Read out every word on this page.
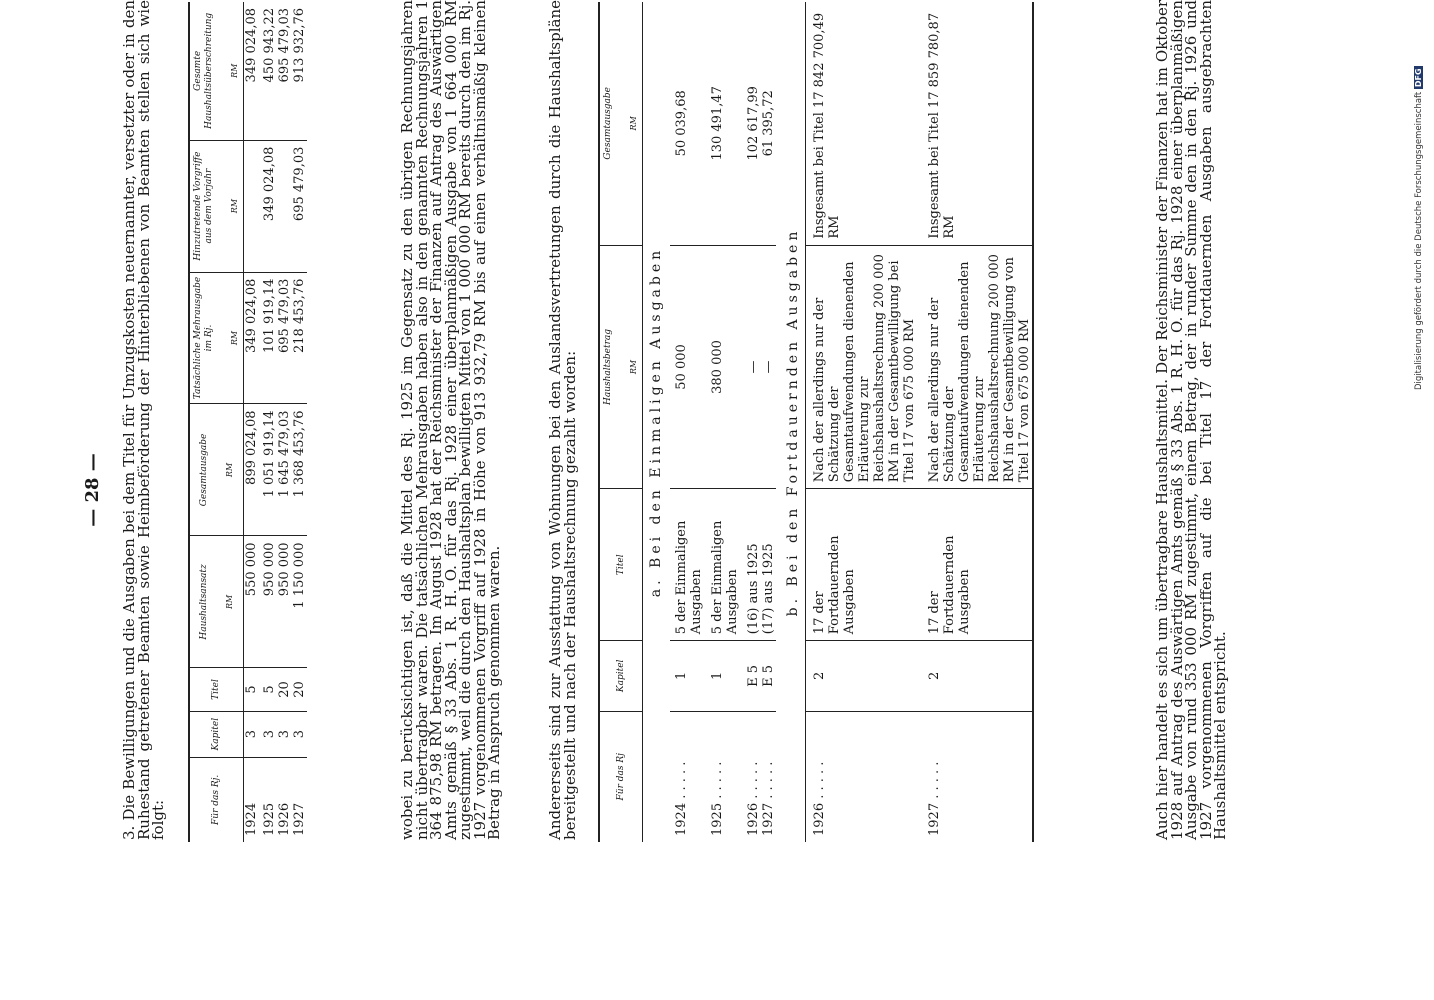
— 28 — 3. Die Bewilligungen und die Ausgaben bei dem Titel für Umzugskosten neuernannter, versetzter oder in den Ruhestand getretener Beamten sowie Heimbeförderung der Hinterbliebenen von Beamten stellen sich wie folgt:	Für das Rj.	Kapitel	Titel	Haushaltsansatz RM	Gesamtausgabe RM	Tatsächliche Mehrausgabe im Rj. RM	Hinzutretende Vorgriffe aus dem Vorjahr RM	Gesamte Haushaltsüberschreitung RM

1924	3	5	550 000	899 024,08	349 024,08		349 024,08
1925	3	5	950 000	1 051 919,14	101 919,14	349 024,08	450 943,22
1926	3	20	950 000	1 645 479,03	695 479,03		695 479,03
1927	3	20	1 150 000	1 368 453,76	218 453,76	695 479,03	913 932,76	wobei zu berücksichtigen ist, daß die Mittel des Rj. 1925 im Gegensatz zu den übrigen Rechnungsjahren nicht übertragbar waren. Die tatsächlichen Mehrausgaben haben also in den genannten Rechnungsjahren 1 364 875,98 RM betragen. Im August 1928 hat der Reichsminister der Finanzen auf Antrag des Auswärtigen Amts gemäß § 33 Abs. 1 R. H. O. für das Rj. 1928 einer überplanmäßigen Ausgabe von 1 664 000 RM zugestimmt, weil die durch den Haushaltsplan bewilligten Mittel von 1 000 000 RM bereits durch den im Rj. 1927 vorgenommenen Vorgriff auf 1928 in Höhe von 913 932,79 RM bis auf einen verhältnismäßig kleinen Betrag in Anspruch genommen waren.	Andererseits sind zur Ausstattung von Wohnungen bei den Auslandsvertretungen durch die Haushaltspläne bereitgestellt und nach der Haushaltsrechnung gezahlt worden:	Für das Rj	Kapitel	Titel	Haushaltsbetrag RM	Gesamtausgabe RM

a. Bei den Einmaligen Ausgaben				
1924 . . . . .	1	5 der Einmaligen Ausgaben	50 000	50 039,68
1925 . . . . .	1	5 der Einmaligen Ausgaben	380 000	130 491,47
1926 . . . . .	E 5	(16) aus 1925	—	102 617,99
1927 . . . . .	E 5	(17) aus 1925	—	61 395,72
b. Bei den Fortdauernden Ausgaben				
1926 . . . . .	2	17 der Fortdauernden Ausgaben	Nach der allerdings nur der Schätzung der Gesamtaufwendungen dienenden Erläuterung zur Reichshaushaltsrechnung 200 000 RM in der Gesamtbewilligung bei Titel 17 von 675 000 RM	Insgesamt bei Titel 17 842 700,49 RM
1927 . . . . .	2	17 der Fortdauernden Ausgaben	Nach der allerdings nur der Schätzung der Gesamtaufwendungen dienenden Erläuterung zur Reichshaushaltsrechnung 200 000 RM in der Gesamtbewilligung von Titel 17 von 675 000 RM	Insgesamt bei Titel 17 859 780,87 RM	Auch hier handelt es sich um übertragbare Haushaltsmittel. Der Reichsminister der Finanzen hat im Oktober 1928 auf Antrag des Auswärtigen Amts gemäß § 33 Abs. 1 R. H. O. für das Rj. 1928 einer überplanmäßigen Ausgabe von rund 353 000 RM zugestimmt, einem Betrag, der in runder Summe den in den Rj. 1926 und 1927 vorgenommenen Vorgriffen auf die bei Titel 17 der Fortdauernden Ausgaben ausgebrachten Haushaltsmittel entspricht.
Digitalisierung gefördert durch die Deutsche Forschungsgemeinschaft DFG
